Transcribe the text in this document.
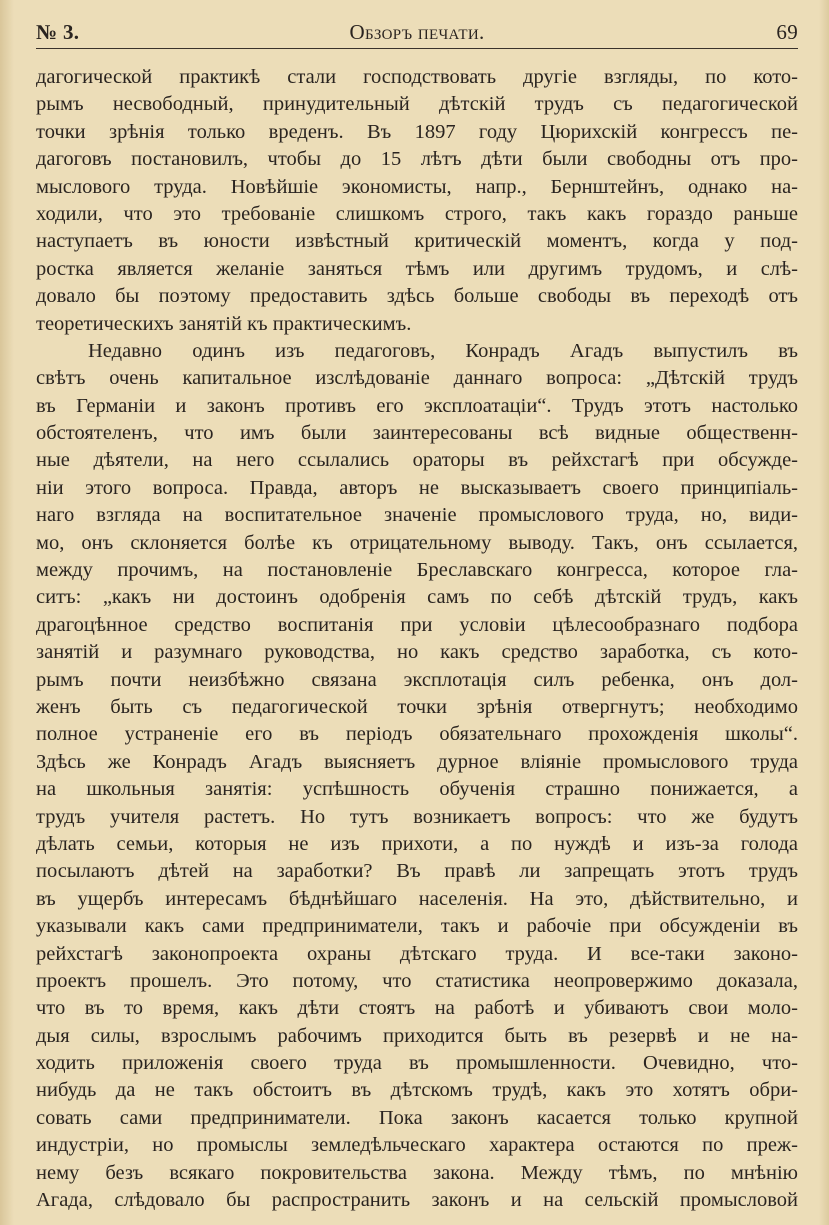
Обзоръ печати.
№ 3.	69
дагогической практикѣ стали господствовать другіе взгляды, по кото-
рымъ несвободный, принудительный дѣтскій трудъ съ педагогической
точки зрѣнія только вреденъ. Въ 1897 году Цюрихскій конгрессъ пе-
дагоговъ постановилъ, чтобы до 15 лѣтъ дѣти были свободны отъ про-
мыслового труда. Новѣйшіе экономисты, напр., Бернштейнъ, однако на-
ходили, что это требованіе слишкомъ строго, такъ какъ гораздо раньше
наступаетъ въ юности извѣстный критическій моментъ, когда у под-
ростка является желаніе заняться тѣмъ или другимъ трудомъ, и слѣ-
довало бы поэтому предоставить здѣсь больше свободы въ переходѣ отъ
теоретическихъ занятій къ практическимъ.
Недавно одинъ изъ педагоговъ, Конрадъ Агадъ выпустилъ въ
свѣтъ очень капитальное изслѣдованіе даннаго вопроса: „Дѣтскій трудъ
въ Германіи и законъ противъ его эксплоатаціи“. Трудъ этотъ настолько
обстоятеленъ, что имъ были заинтересованы всѣ видные общественн-
ные дѣятели, на него ссылались ораторы въ рейхстагѣ при обсужде-
ніи этого вопроса. Правда, авторъ не высказываетъ своего принципіаль-
наго взгляда на воспитательное значеніе промыслового труда, но, види-
мо, онъ склоняется болѣе къ отрицательному выводу. Такъ, онъ ссылается,
между прочимъ, на постановленіе Бреславскаго конгресса, которое гла-
ситъ: „какъ ни достоинъ одобренія самъ по себѣ дѣтскій трудъ, какъ
драгоцѣнное средство воспитанія при условіи цѣлесообразнаго подбора
занятій и разумнаго руководства, но какъ средство заработка, съ кото-
рымъ почти неизбѣжно связана эксплотація силъ ребенка, онъ дол-
женъ быть съ педагогической точки зрѣнія отвергнутъ; необходимо
полное устраненіе его въ періодъ обязательнаго прохожденія школы“.
Здѣсь же Конрадъ Агадъ выясняетъ дурное вліяніе промыслового труда
на школьныя занятія: успѣшность обученія страшно понижается, а
трудъ учителя растетъ. Но тутъ возникаетъ вопросъ: что же будутъ
дѣлать семьи, которыя не изъ прихоти, а по нуждѣ и изъ-за голода
посылаютъ дѣтей на заработки? Въ правѣ ли запрещать этотъ трудъ
въ ущербъ интересамъ бѣднѣйшаго населенія. На это, дѣйствительно, и
указывали какъ сами предприниматели, такъ и рабочіе при обсужденіи въ
рейхстагѣ законопроекта охраны дѣтскаго труда. И все-таки законо-
проектъ прошелъ. Это потому, что статистика неопровержимо доказала,
что въ то время, какъ дѣти стоятъ на работѣ и убиваютъ свои моло-
дыя силы, взрослымъ рабочимъ приходится быть въ резервѣ и не на-
ходить приложенія своего труда въ промышленности. Очевидно, что-
нибудь да не такъ обстоитъ въ дѣтскомъ трудѣ, какъ это хотятъ обри-
совать сами предприниматели. Пока законъ касается только крупной
индустріи, но промыслы земледѣльческаго характера остаются по преж-
нему безъ всякаго покровительства закона. Между тѣмъ, по мнѣнію
Агада, слѣдовало бы распространить законъ и на сельскій промысловой
